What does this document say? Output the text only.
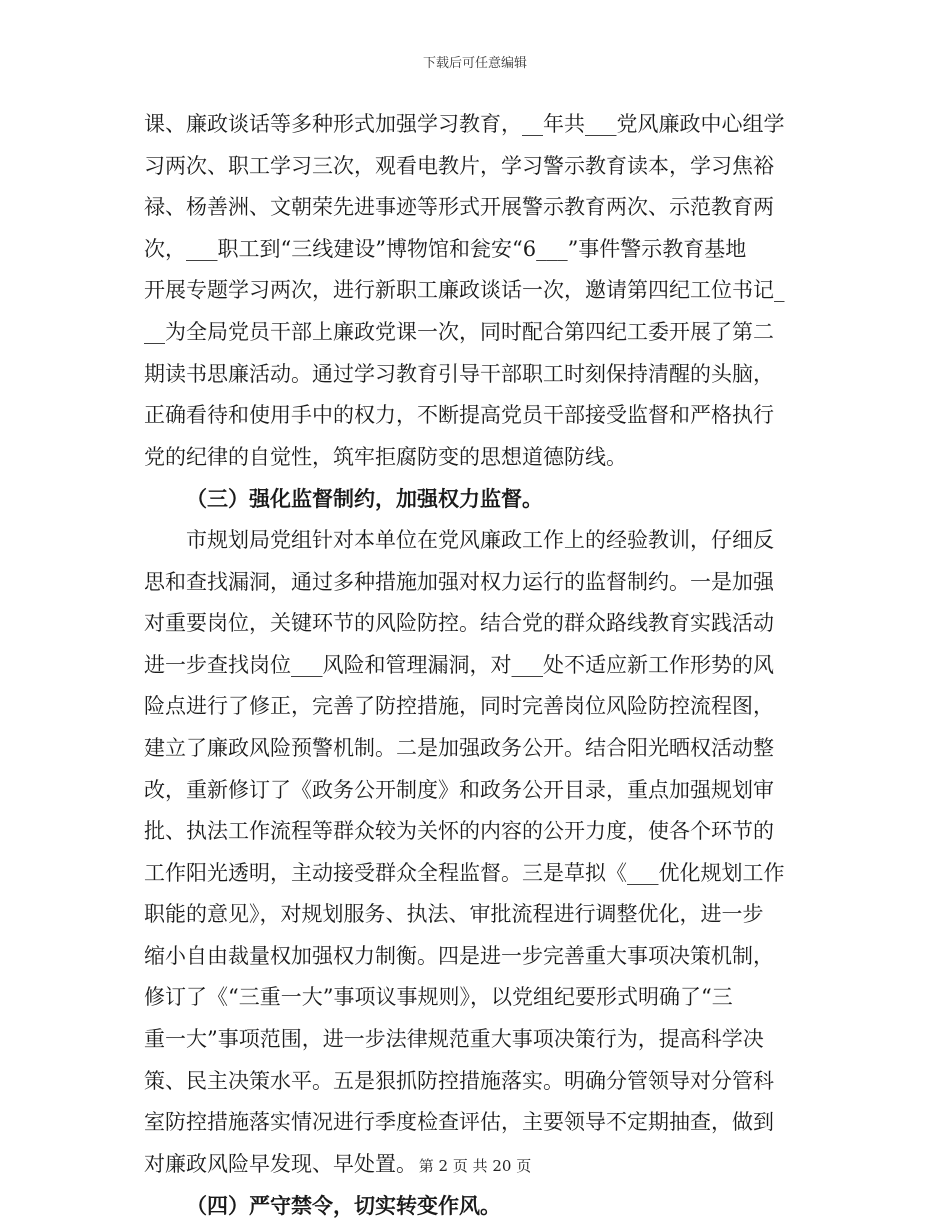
下载后可任意编辑
课、廉政谈话等多种形式加强学习教育，__年共___党风廉政中心组学
习两次、职工学习三次，观看电教片，学习警示教育读本，学习焦裕
禄、杨善洲、文朝荣先进事迹等形式开展警示教育两次、示范教育两
次，___职工到“三线建设”博物馆和瓮安“6___”事件警示教育基地
开展专题学习两次，进行新职工廉政谈话一次，邀请第四纪工位书记_
__为全局党员干部上廉政党课一次，同时配合第四纪工委开展了第二
期读书思廉活动。通过学习教育引导干部职工时刻保持清醒的头脑，
正确看待和使用手中的权力，不断提高党员干部接受监督和严格执行
党的纪律的自觉性，筑牢拒腐防变的思想道德防线。
（三）强化监督制约，加强权力监督。
市规划局党组针对本单位在党风廉政工作上的经验教训，仔细反
思和查找漏洞，通过多种措施加强对权力运行的监督制约。一是加强
对重要岗位，关键环节的风险防控。结合党的群众路线教育实践活动
进一步查找岗位___风险和管理漏洞，对___处不适应新工作形势的风
险点进行了修正，完善了防控措施，同时完善岗位风险防控流程图，
建立了廉政风险预警机制。二是加强政务公开。结合阳光晒权活动整
改，重新修订了《政务公开制度》和政务公开目录，重点加强规划审
批、执法工作流程等群众较为关怀的内容的公开力度，使各个环节的
工作阳光透明，主动接受群众全程监督。三是草拟《___优化规划工作
职能的意见》，对规划服务、执法、审批流程进行调整优化，进一步
缩小自由裁量权加强权力制衡。四是进一步完善重大事项决策机制，
修订了《“三重一大”事项议事规则》，以党组纪要形式明确了“三
重一大”事项范围，进一步法律规范重大事项决策行为，提高科学决
策、民主决策水平。五是狠抓防控措施落实。明确分管领导对分管科
室防控措施落实情况进行季度检查评估，主要领导不定期抽查，做到
对廉政风险早发现、早处置。
（四）严守禁令，切实转变作风。
第 2 页 共 20 页
